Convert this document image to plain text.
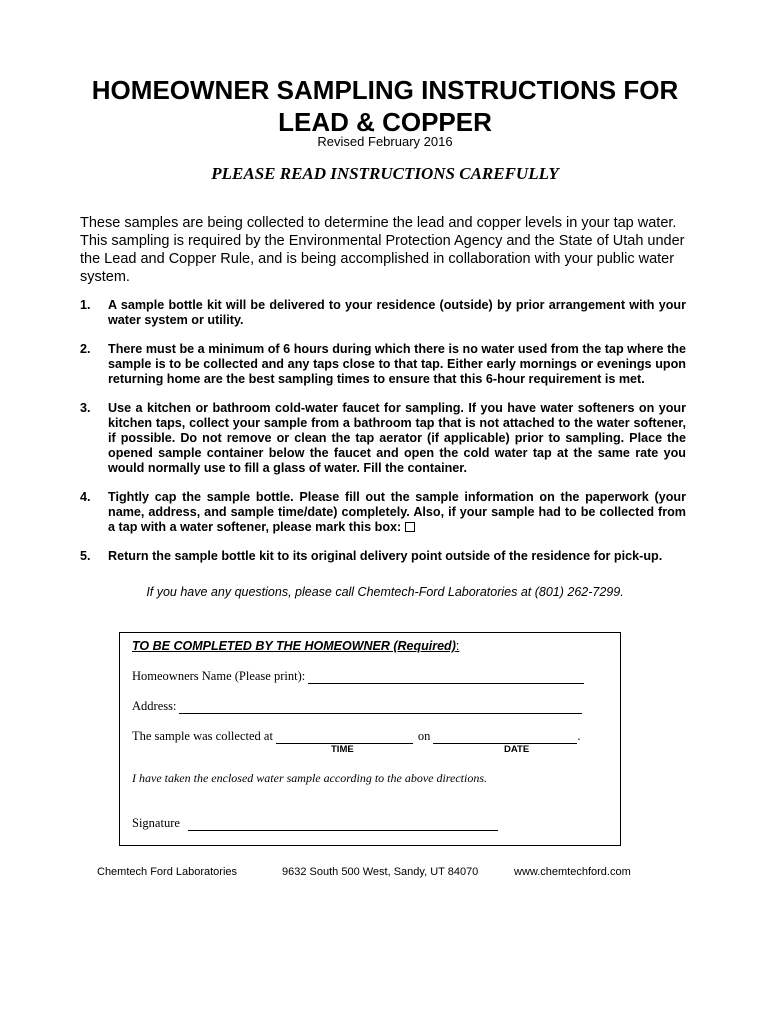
HOMEOWNER SAMPLING INSTRUCTIONS FOR
LEAD & COPPER
Revised February 2016
PLEASE READ INSTRUCTIONS CAREFULLY
These samples are being collected to determine the lead and copper levels in your tap water. This sampling is required by the Environmental Protection Agency and the State of Utah under the Lead and Copper Rule, and is being accomplished in collaboration with your public water system.
1.	A sample bottle kit will be delivered to your residence (outside) by prior arrangement with your water system or utility.
2.	There must be a minimum of 6 hours during which there is no water used from the tap where the sample is to be collected and any taps close to that tap. Either early mornings or evenings upon returning home are the best sampling times to ensure that this 6-hour requirement is met.
3.	Use a kitchen or bathroom cold-water faucet for sampling. If you have water softeners on your kitchen taps, collect your sample from a bathroom tap that is not attached to the water softener, if possible. Do not remove or clean the tap aerator (if applicable) prior to sampling. Place the opened sample container below the faucet and open the cold water tap at the same rate you would normally use to fill a glass of water. Fill the container.
4.	Tightly cap the sample bottle. Please fill out the sample information on the paperwork (your name, address, and sample time/date) completely. Also, if your sample had to be collected from a tap with a water softener, please mark this box:
5.	Return the sample bottle kit to its original delivery point outside of the residence for pick-up.
If you have any questions, please call Chemtech-Ford Laboratories at (801) 262-7299.
TO BE COMPLETED BY THE HOMEOWNER (Required):
Homeowners Name (Please print):
Address:
The sample was collected at	on	.
TIME	DATE
I have taken the enclosed water sample according to the above directions.
Signature
Chemtech Ford Laboratories	9632 South 500 West, Sandy, UT 84070	www.chemtechford.com
